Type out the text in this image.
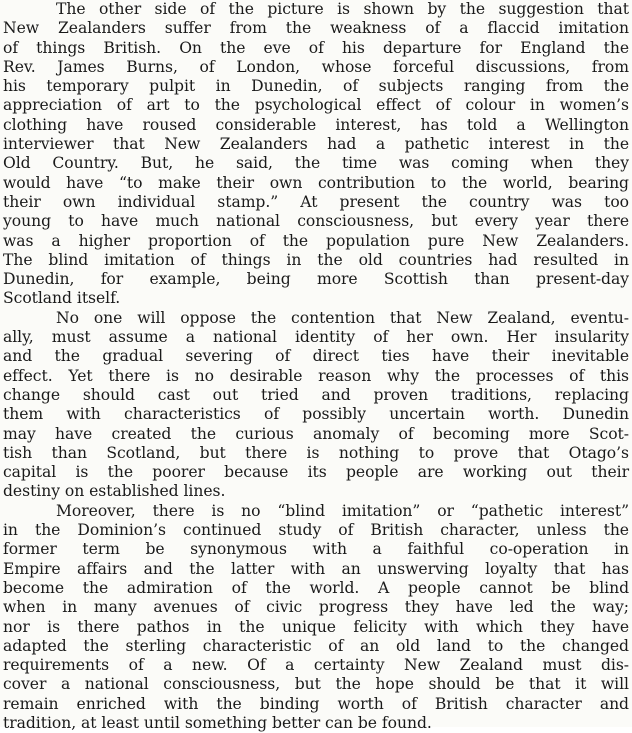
The other side of the picture is shown by the suggestion that
New Zealanders suffer from the weakness of a flaccid imitation
of things British. On the eve of his departure for England the
Rev. James Burns, of London, whose forceful discussions, from
his temporary pulpit in Dunedin, of subjects ranging from the
appreciation of art to the psychological effect of colour in women’s
clothing have roused considerable interest, has told a Wellington
interviewer that New Zealanders had a pathetic interest in the
Old Country. But, he said, the time was coming when they
would have “to make their own contribution to the world, bearing
their own individual stamp.” At present the country was too
young to have much national consciousness, but every year there
was a higher proportion of the population pure New Zealanders.
The blind imitation of things in the old countries had resulted in
Dunedin, for example, being more Scottish than present-day
Scotland itself.
No one will oppose the contention that New Zealand, eventu-
ally, must assume a national identity of her own. Her insularity
and the gradual severing of direct ties have their inevitable
effect. Yet there is no desirable reason why the processes of this
change should cast out tried and proven traditions, replacing
them with characteristics of possibly uncertain worth. Dunedin
may have created the curious anomaly of becoming more Scot-
tish than Scotland, but there is nothing to prove that Otago’s
capital is the poorer because its people are working out their
destiny on established lines.
Moreover, there is no “blind imitation” or “pathetic interest”
in the Dominion’s continued study of British character, unless the
former term be synonymous with a faithful co-operation in
Empire affairs and the latter with an unswerving loyalty that has
become the admiration of the world. A people cannot be blind
when in many avenues of civic progress they have led the way;
nor is there pathos in the unique felicity with which they have
adapted the sterling characteristic of an old land to the changed
requirements of a new. Of a certainty New Zealand must dis-
cover a national consciousness, but the hope should be that it will
remain enriched with the binding worth of British character and
tradition, at least until something better can be found.
